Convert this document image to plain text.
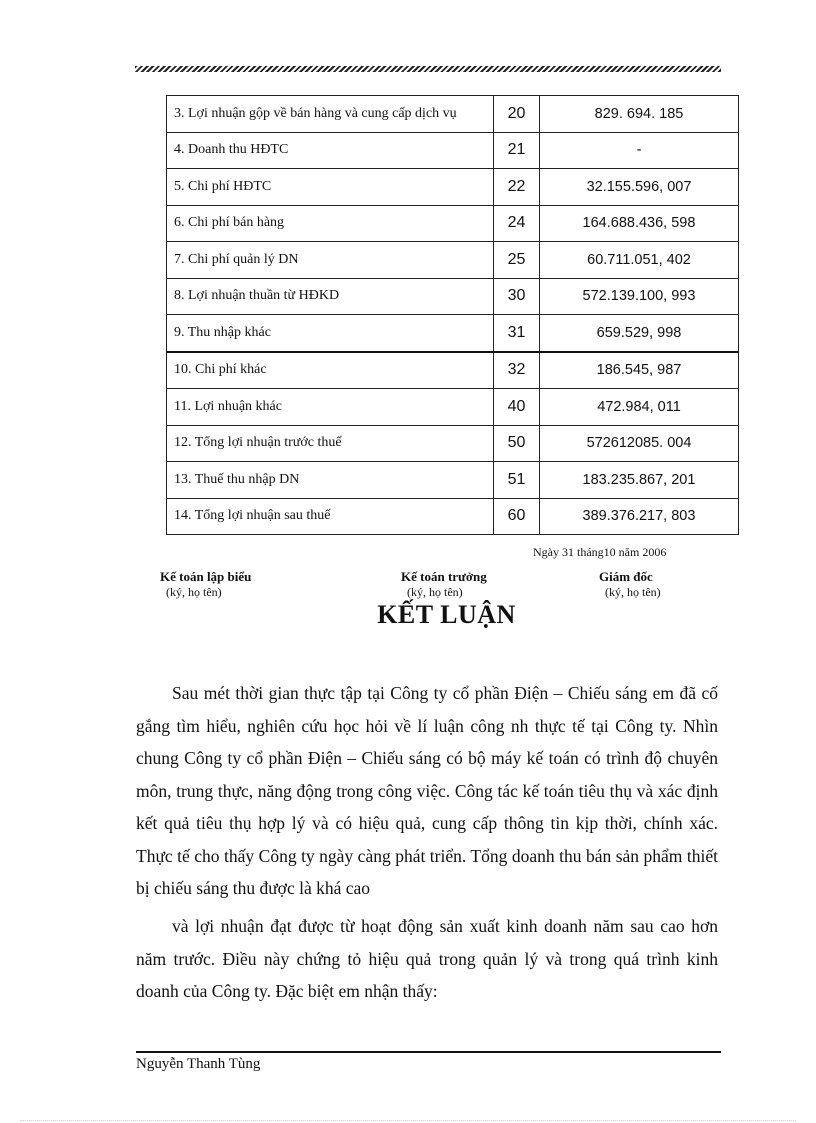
3. Lợi nhuận gộp về bán hàng và cung cấp dịch vụ	20	829. 694. 185
4. Doanh thu HĐTC	21	-
5. Chi phí HĐTC	22	32.155.596, 007
6. Chi phí bán hàng	24	164.688.436, 598
7. Chi phí quản lý DN	25	60.711.051, 402
8. Lợi nhuận thuần từ HĐKD	30	572.139.100, 993
9. Thu nhập khác	31	659.529, 998
10. Chi phí khác	32	186.545, 987
11. Lợi nhuận khác	40	472.984, 011
12. Tổng lợi nhuận trước thuế	50	572612085. 004
13. Thuế thu nhập DN	51	183.235.867, 201
14. Tổng lợi nhuận sau thuế	60	389.376.217, 803
Ngày 31 tháng10 năm 2006
Kế toán lập biểu
(ký, họ tên)
Kế toán trưởng
(ký, họ tên)
Giám đốc
(ký, họ tên)
KẾT LUẬN

Sau mét thời gian thực tập tại Công ty cổ phần Điện – Chiếu sáng em đã cố gắng tìm hiểu, nghiên cứu học hỏi về lí luận công nh thực tế tại Công ty. Nhìn chung Công ty cổ phần Điện – Chiếu sáng có bộ máy kế toán có trình độ chuyên môn, trung thực, năng động trong công việc. Công tác kế toán tiêu thụ và xác định kết quả tiêu thụ hợp lý và có hiệu quả, cung cấp thông tin kịp thời, chính xác. Thực tế cho thấy Công ty ngày càng phát triển. Tổng doanh thu bán sản phẩm thiết bị chiếu sáng thu được là khá cao

và lợi nhuận đạt được từ hoạt động sản xuất kinh doanh năm sau cao hơn năm trước. Điều này chứng tỏ hiệu quả trong quản lý và trong quá trình kinh doanh của Công ty. Đặc biệt em nhận thấy:

Nguyễn Thanh Tùng
